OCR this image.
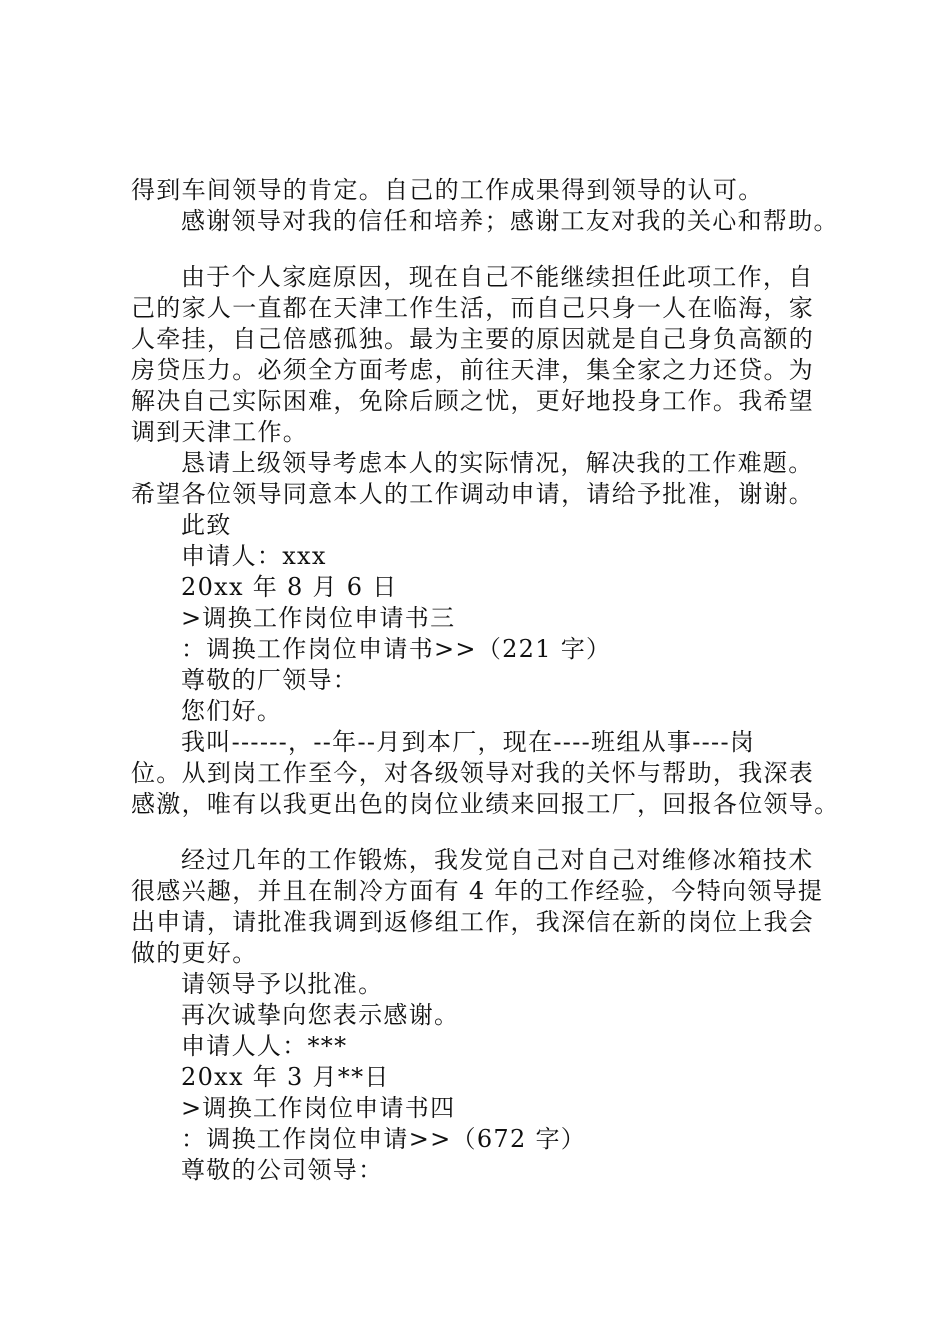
得到车间领导的肯定。自己的工作成果得到领导的认可。
感谢领导对我的信任和培养；感谢工友对我的关心和帮助。
由于个人家庭原因，现在自己不能继续担任此项工作，自
己的家人一直都在天津工作生活，而自己只身一人在临海，家
人牵挂，自己倍感孤独。最为主要的原因就是自己身负高额的
房贷压力。必须全方面考虑，前往天津，集全家之力还贷。为
解决自己实际困难，免除后顾之忧，更好地投身工作。我希望
调到天津工作。
恳请上级领导考虑本人的实际情况，解决我的工作难题。
希望各位领导同意本人的工作调动申请，请给予批准，谢谢。
此致
申请人：xxx
20xx 年 8 月 6 日
>调换工作岗位申请书三
：调换工作岗位申请书>>（221 字）
尊敬的厂领导：
您们好。
我叫------，--年--月到本厂，现在----班组从事----岗
位。从到岗工作至今，对各级领导对我的关怀与帮助，我深表
感激，唯有以我更出色的岗位业绩来回报工厂，回报各位领导。
经过几年的工作锻炼，我发觉自己对自己对维修冰箱技术
很感兴趣，并且在制冷方面有 4 年的工作经验，今特向领导提
出申请，请批准我调到返修组工作，我深信在新的岗位上我会
做的更好。
请领导予以批准。
再次诚挚向您表示感谢。
申请人人：***
20xx 年 3 月**日
>调换工作岗位申请书四
：调换工作岗位申请>>（672 字）
尊敬的公司领导：
